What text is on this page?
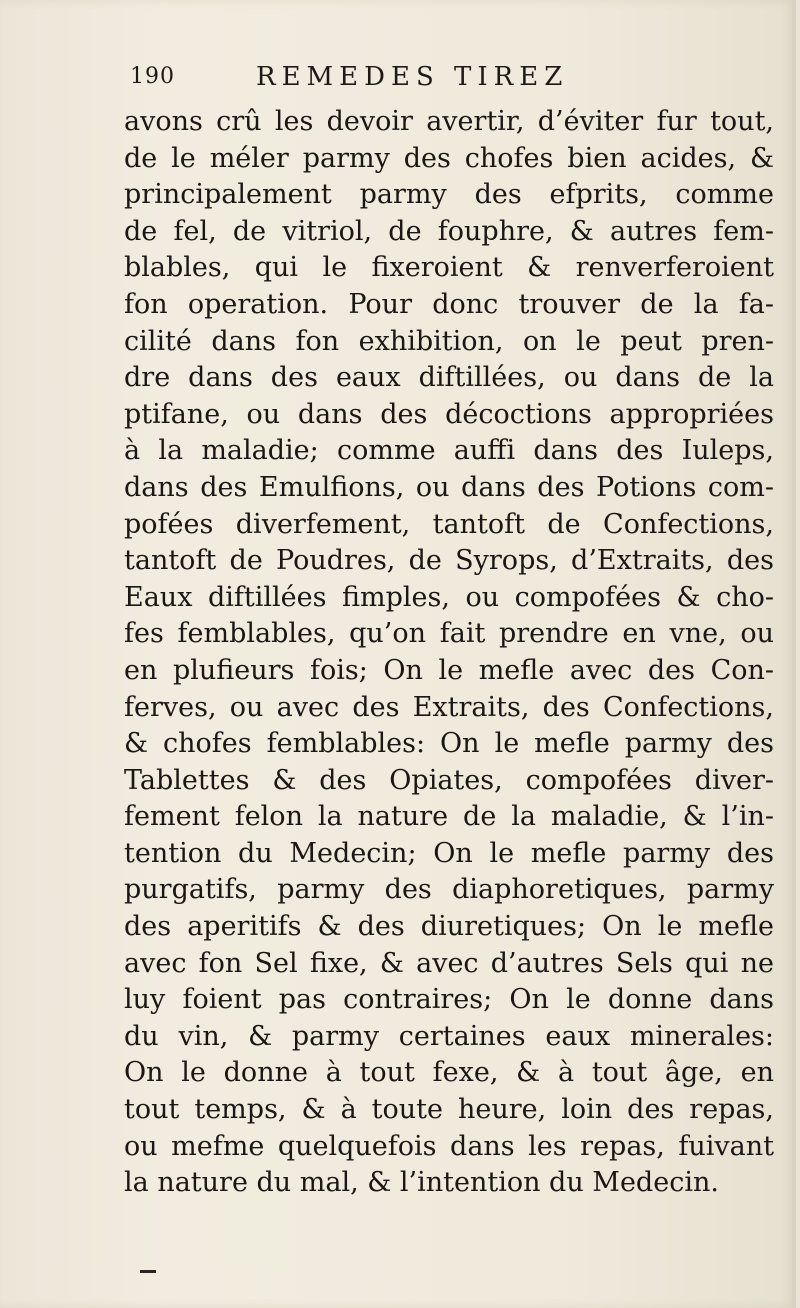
190	REMEDES TIREZ
avons crû les devoir avertir, d’éviter fur tout,
de le méler parmy des chofes bien acides, &
principalement parmy des efprits, comme
de fel, de vitriol, de fouphre, & autres fem-
blables, qui le fixeroient & renverferoient
fon operation. Pour donc trouver de la fa-
cilité dans fon exhibition, on le peut pren-
dre dans des eaux diftillées, ou dans de la
ptifane, ou dans des décoctions appropriées
à la maladie; comme auffi dans des Iuleps,
dans des Emulfions, ou dans des Potions com-
pofées diverfement, tantoft de Confections,
tantoft de Poudres, de Syrops, d’Extraits, des
Eaux diftillées fimples, ou compofées & cho-
fes femblables, qu’on fait prendre en vne, ou
en plufieurs fois; On le mefle avec des Con-
ferves, ou avec des Extraits, des Confections,
& chofes femblables: On le mefle parmy des
Tablettes & des Opiates, compofées diver-
fement felon la nature de la maladie, & l’in-
tention du Medecin; On le mefle parmy des
purgatifs, parmy des diaphoretiques, parmy
des aperitifs & des diuretiques; On le mefle
avec fon Sel fixe, & avec d’autres Sels qui ne
luy foient pas contraires; On le donne dans
du vin, & parmy certaines eaux minerales:
On le donne à tout fexe, & à tout âge, en
tout temps, & à toute heure, loin des repas,
ou mefme quelquefois dans les repas, fuivant
la nature du mal, & l’intention du Medecin.
